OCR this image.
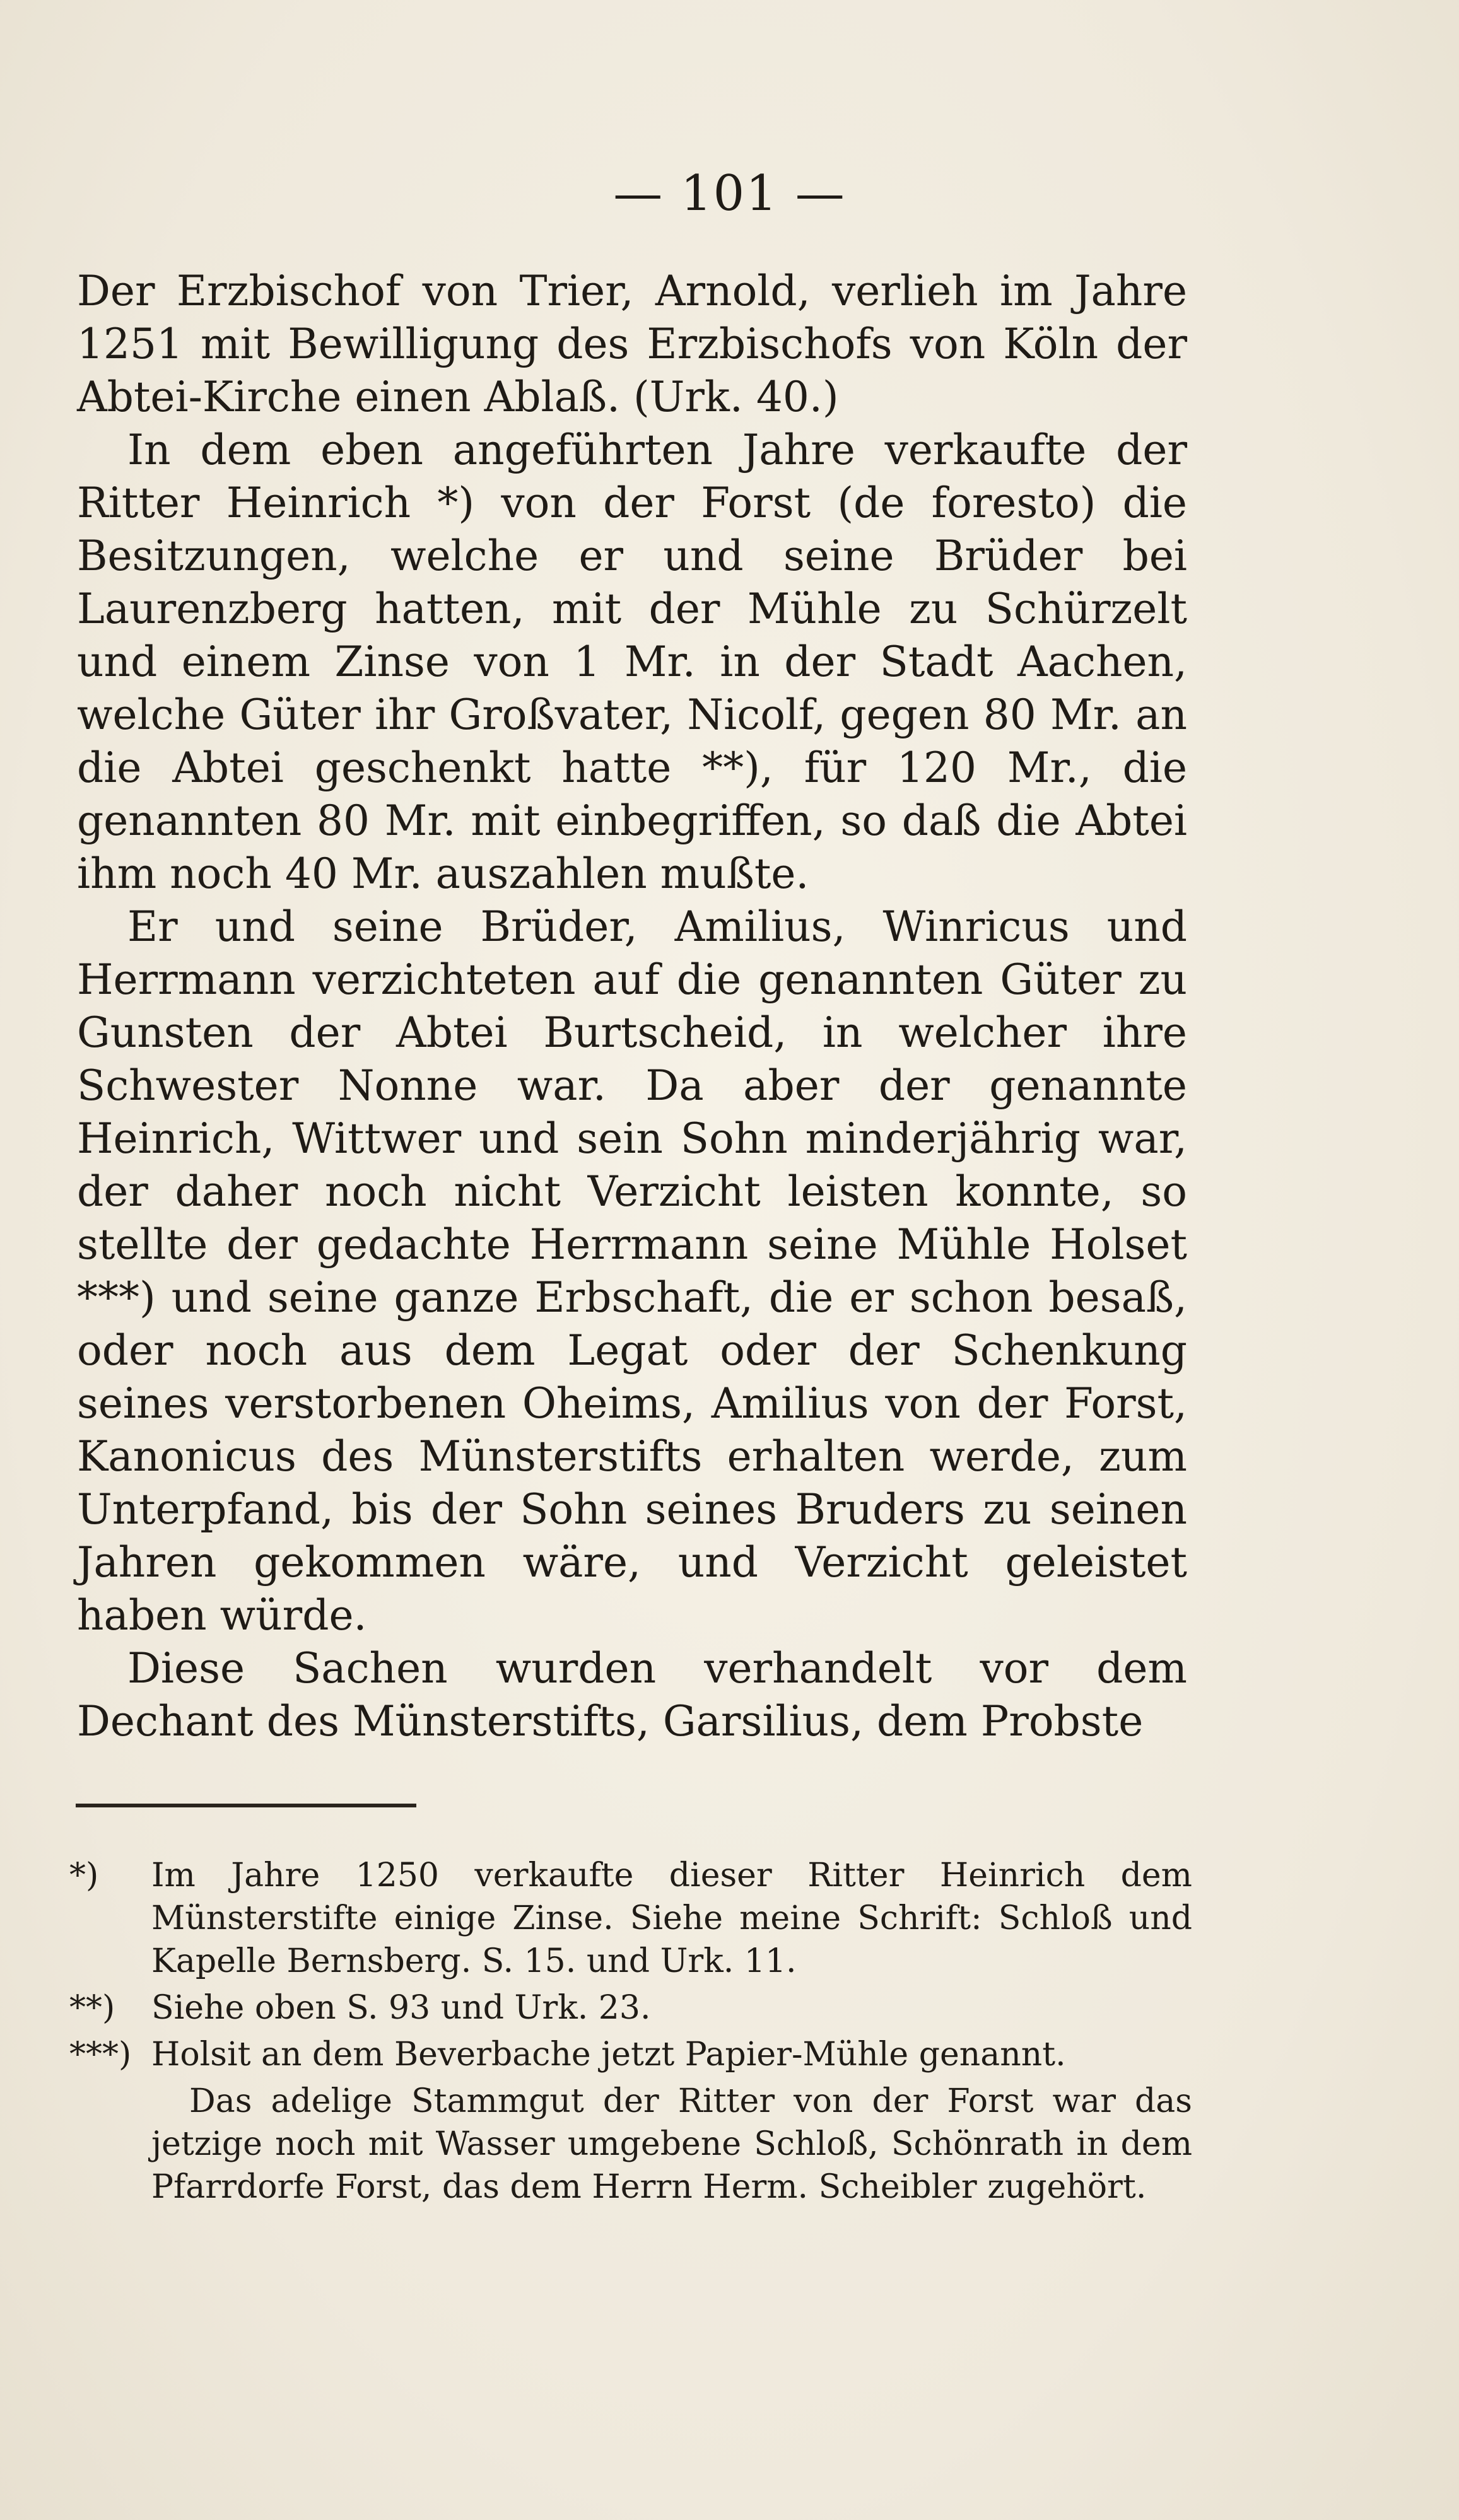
— 101 —

Der Erzbischof von Trier, Arnold, verlieh im Jahre 1251 mit Bewilligung des Erzbischofs von Köln der Abtei-Kirche einen Ablaß. (Urk. 40.)

In dem eben angeführten Jahre verkaufte der Ritter Heinrich *) von der Forst (de foresto) die Besitzungen, welche er und seine Brüder bei Laurenzberg hatten, mit der Mühle zu Schürzelt und einem Zinse von 1 Mr. in der Stadt Aachen, welche Güter ihr Großvater, Nicolf, gegen 80 Mr. an die Abtei geschenkt hatte **), für 120 Mr., die genannten 80 Mr. mit einbegriffen, so daß die Abtei ihm noch 40 Mr. auszahlen mußte.

Er und seine Brüder, Amilius, Winricus und Herrmann verzichteten auf die genannten Güter zu Gunsten der Abtei Burtscheid, in welcher ihre Schwester Nonne war. Da aber der genannte Heinrich, Wittwer und sein Sohn minderjährig war, der daher noch nicht Verzicht leisten konnte, so stellte der gedachte Herrmann seine Mühle Holset ***) und seine ganze Erbschaft, die er schon besaß, oder noch aus dem Legat oder der Schenkung seines verstorbenen Oheims, Amilius von der Forst, Kanonicus des Münsterstifts erhalten werde, zum Unterpfand, bis der Sohn seines Bruders zu seinen Jahren gekommen wäre, und Verzicht geleistet haben würde.

Diese Sachen wurden verhandelt vor dem Dechant des Münsterstifts, Garsilius, dem Probste

*)	Im Jahre 1250 verkaufte dieser Ritter Heinrich dem Münsterstifte einige Zinse. Siehe meine Schrift: Schloß und Kapelle Bernsberg. S. 15. und Urk. 11.
**)	Siehe oben S. 93 und Urk. 23.
***) Holsit an dem Beverbache jetzt Papier-Mühle genannt.
Das adelige Stammgut der Ritter von der Forst war das jetzige noch mit Wasser umgebene Schloß, Schönrath in dem Pfarrdorfe Forst, das dem Herrn Herm. Scheibler zugehört.
